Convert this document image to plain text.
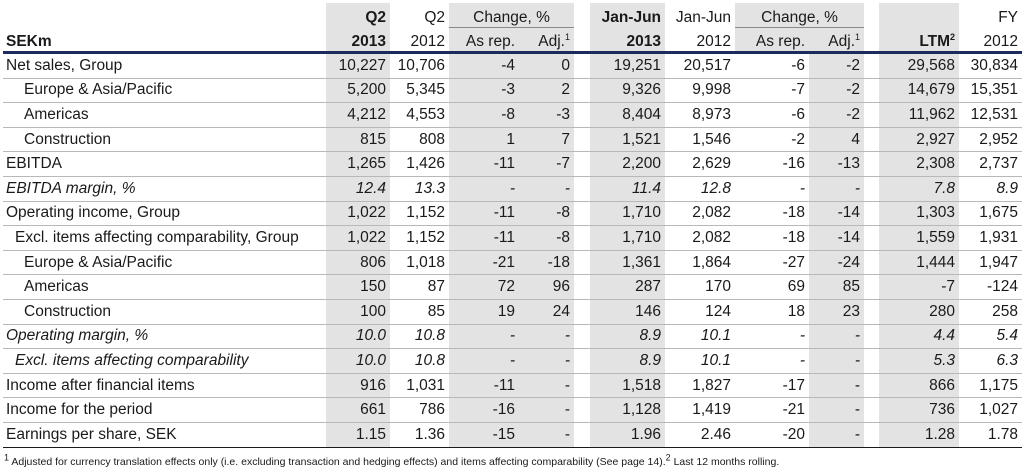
	Q2	Q2	Change, %			Jan-Jun	Jan-Jun	Change, %				FY
SEKm	2013	2012	As rep.	Adj.$^1$		2013	2012	As rep.	Adj.$^1$		LTM$^2$	2012
Net sales, Group	10,227	10,706	-4	0		19,251	20,517	-6	-2		29,568	30,834
Europe & Asia/Pacific	5,200	5,345	-3	2		9,326	9,998	-7	-2		14,679	15,351
Americas	4,212	4,553	-8	-3		8,404	8,973	-6	-2		11,962	12,531
Construction	815	808	1	7		1,521	1,546	-2	4		2,927	2,952
EBITDA	1,265	1,426	-11	-7		2,200	2,629	-16	-13		2,308	2,737
EBITDA margin, %	12.4	13.3	-	-		11.4	12.8	-	-		7.8	8.9
Operating income, Group	1,022	1,152	-11	-8		1,710	2,082	-18	-14		1,303	1,675
Excl. items affecting comparability, Group	1,022	1,152	-11	-8		1,710	2,082	-18	-14		1,559	1,931
Europe & Asia/Pacific	806	1,018	-21	-18		1,361	1,864	-27	-24		1,444	1,947
Americas	150	87	72	96		287	170	69	85		-7	-124
Construction	100	85	19	24		146	124	18	23		280	258
Operating margin, %	10.0	10.8	-	-		8.9	10.1	-	-		4.4	5.4
Excl. items affecting comparability	10.0	10.8	-	-		8.9	10.1	-	-		5.3	6.3
Income after financial items	916	1,031	-11	-		1,518	1,827	-17	-		866	1,175
Income for the period	661	786	-16	-		1,128	1,419	-21	-		736	1,027
Earnings per share, SEK	1.15	1.36	-15	-		1.96	2.46	-20	-		1.28	1.78
$^1$ Adjusted for currency translation effects only (i.e. excluding transaction and hedging effects) and items affecting comparability (See page 14).$^2$ Last 12 months rolling.
